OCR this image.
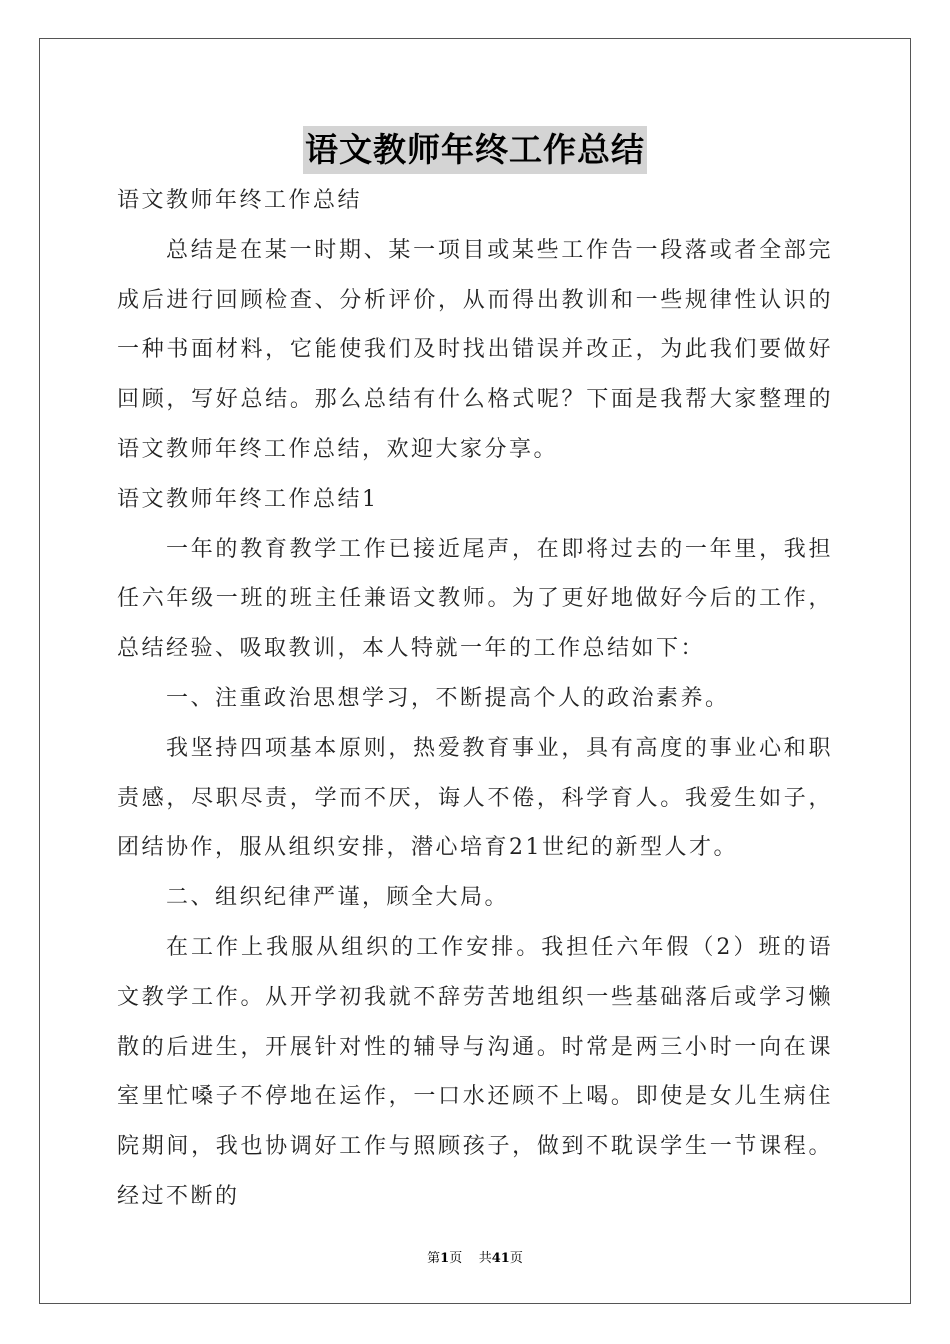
语文教师年终工作总结

语文教师年终工作总结

总结是在某一时期、某一项目或某些工作告一段落或者全部完成后进行回顾检查、分析评价，从而得出教训和一些规律性认识的一种书面材料，它能使我们及时找出错误并改正，为此我们要做好回顾，写好总结。那么总结有什么格式呢？下面是我帮大家整理的语文教师年终工作总结，欢迎大家分享。

语文教师年终工作总结1

一年的教育教学工作已接近尾声，在即将过去的一年里，我担任六年级一班的班主任兼语文教师。为了更好地做好今后的工作，总结经验、吸取教训，本人特就一年的工作总结如下：

一、注重政治思想学习，不断提高个人的政治素养。

我坚持四项基本原则，热爱教育事业，具有高度的事业心和职责感，尽职尽责，学而不厌，诲人不倦，科学育人。我爱生如子，团结协作，服从组织安排，潜心培育21世纪的新型人才。

二、组织纪律严谨，顾全大局。

在工作上我服从组织的工作安排。我担任六年假（2）班的语文教学工作。从开学初我就不辞劳苦地组织一些基础落后或学习懒散的后进生，开展针对性的辅导与沟通。时常是两三小时一向在课室里忙嗓子不停地在运作，一口水还顾不上喝。即使是女儿生病住院期间，我也协调好工作与照顾孩子，做到不耽误学生一节课程。经过不断的

第1页 共41页
